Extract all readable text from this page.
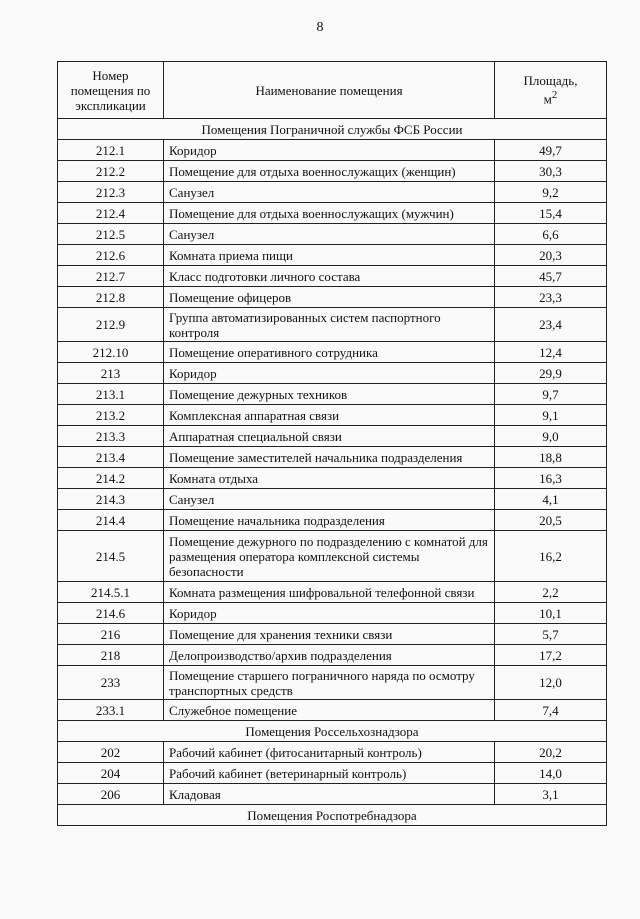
8
Номер помещения по экспликации	Наименование помещения	Площадь,
$м^2$
Помещения Пограничной службы ФСБ России		
212.1	Коридор	49,7
212.2	Помещение для отдыха военнослужащих (женщин)	30,3
212.3	Санузел	9,2
212.4	Помещение для отдыха военнослужащих (мужчин)	15,4
212.5	Санузел	6,6
212.6	Комната приема пищи	20,3
212.7	Класс подготовки личного состава	45,7
212.8	Помещение офицеров	23,3
212.9	Группа автоматизированных систем паспортного контроля	23,4
212.10	Помещение оперативного сотрудника	12,4
213	Коридор	29,9
213.1	Помещение дежурных техников	9,7
213.2	Комплексная аппаратная связи	9,1
213.3	Аппаратная специальной связи	9,0
213.4	Помещение заместителей начальника подразделения	18,8
214.2	Комната отдыха	16,3
214.3	Санузел	4,1
214.4	Помещение начальника подразделения	20,5
214.5	Помещение дежурного по подразделению с комнатой для размещения оператора комплексной системы безопасности	16,2
214.5.1	Комната размещения шифровальной телефонной связи	2,2
214.6	Коридор	10,1
216	Помещение для хранения техники связи	5,7
218	Делопроизводство/архив подразделения	17,2
233	Помещение старшего пограничного наряда по осмотру транспортных средств	12,0
233.1	Служебное помещение	7,4
Помещения Россельхознадзора		
202	Рабочий кабинет (фитосанитарный контроль)	20,2
204	Рабочий кабинет (ветеринарный контроль)	14,0
206	Кладовая	3,1
Помещения Роспотребнадзора		
